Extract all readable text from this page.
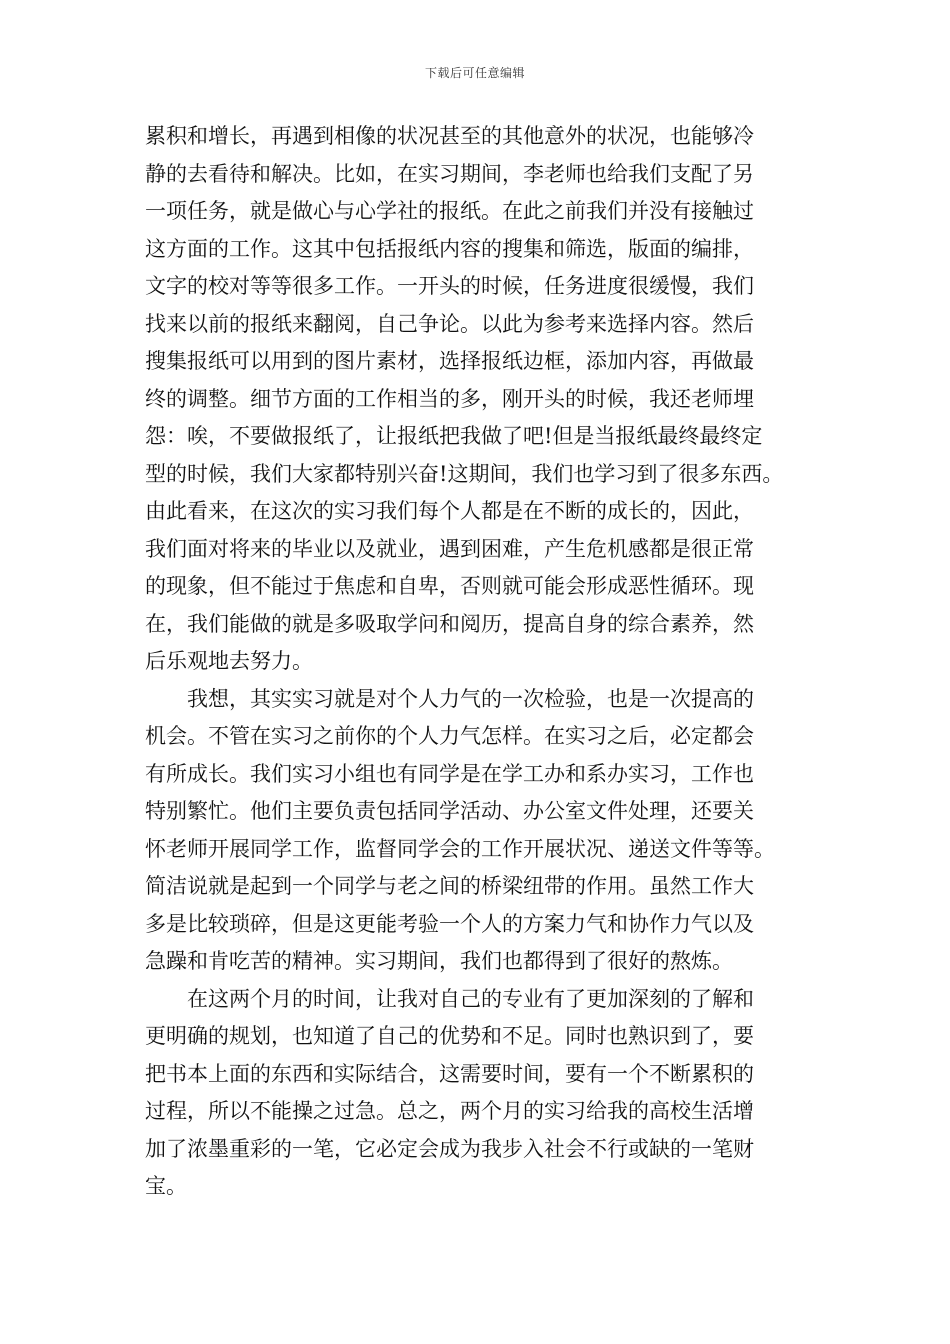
下载后可任意编辑
累积和增长，再遇到相像的状况甚至的其他意外的状况，也能够冷
静的去看待和解决。比如，在实习期间，李老师也给我们支配了另
一项任务，就是做心与心学社的报纸。在此之前我们并没有接触过
这方面的工作。这其中包括报纸内容的搜集和筛选，版面的编排，
文字的校对等等很多工作。一开头的时候，任务进度很缓慢，我们
找来以前的报纸来翻阅，自己争论。以此为参考来选择内容。然后
搜集报纸可以用到的图片素材，选择报纸边框，添加内容，再做最
终的调整。细节方面的工作相当的多，刚开头的时候，我还老师埋
怨：唉，不要做报纸了，让报纸把我做了吧!但是当报纸最终最终定
型的时候，我们大家都特别兴奋!这期间，我们也学习到了很多东西。
由此看来，在这次的实习我们每个人都是在不断的成长的，因此，
我们面对将来的毕业以及就业，遇到困难，产生危机感都是很正常
的现象，但不能过于焦虑和自卑，否则就可能会形成恶性循环。现
在，我们能做的就是多吸取学问和阅历，提高自身的综合素养，然
后乐观地去努力。
　　我想，其实实习就是对个人力气的一次检验，也是一次提高的
机会。不管在实习之前你的个人力气怎样。在实习之后，必定都会
有所成长。我们实习小组也有同学是在学工办和系办实习，工作也
特别繁忙。他们主要负责包括同学活动、办公室文件处理，还要关
怀老师开展同学工作，监督同学会的工作开展状况、递送文件等等。
简洁说就是起到一个同学与老之间的桥梁纽带的作用。虽然工作大
多是比较琐碎，但是这更能考验一个人的方案力气和协作力气以及
急躁和肯吃苦的精神。实习期间，我们也都得到了很好的熬炼。
　　在这两个月的时间，让我对自己的专业有了更加深刻的了解和
更明确的规划，也知道了自己的优势和不足。同时也熟识到了，要
把书本上面的东西和实际结合，这需要时间，要有一个不断累积的
过程，所以不能操之过急。总之，两个月的实习给我的高校生活增
加了浓墨重彩的一笔，它必定会成为我步入社会不行或缺的一笔财
宝。
